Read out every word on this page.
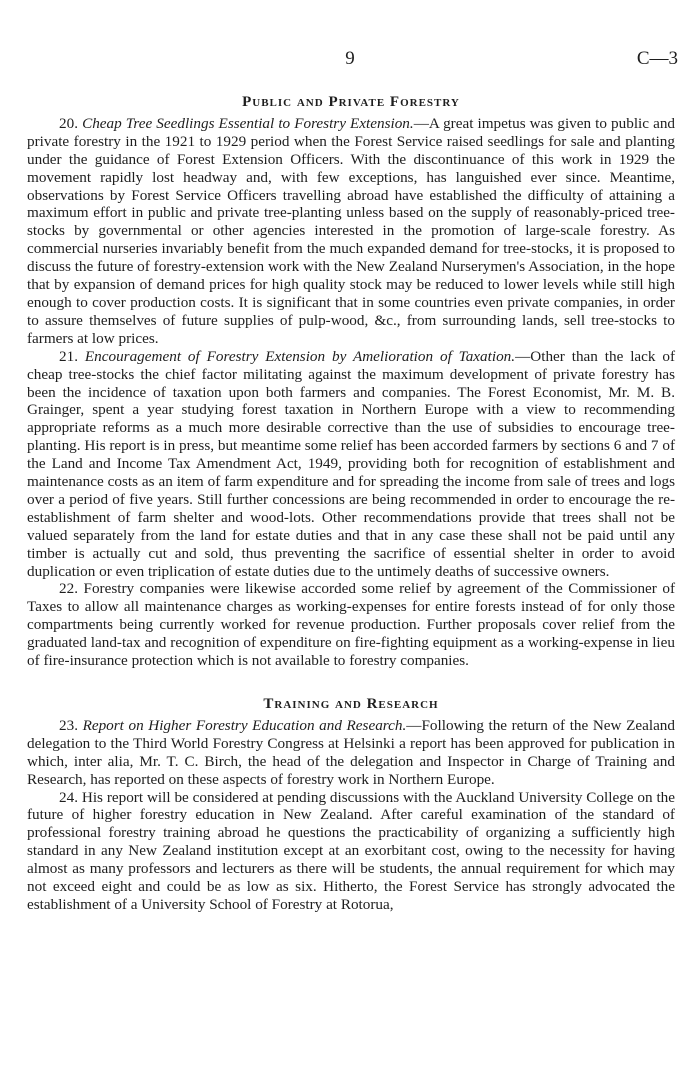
9	C—3
Public and Private Forestry

20. Cheap Tree Seedlings Essential to Forestry Extension.—A great impetus was given to public and private forestry in the 1921 to 1929 period when the Forest Service raised seedlings for sale and planting under the guidance of Forest Extension Officers. With the discontinuance of this work in 1929 the movement rapidly lost headway and, with few exceptions, has languished ever since. Meantime, observations by Forest Service Officers travelling abroad have established the difficulty of attaining a maximum effort in public and private tree-planting unless based on the supply of reasonably-priced tree-stocks by governmental or other agencies interested in the promotion of large-scale forestry. As commercial nurseries invariably benefit from the much expanded demand for tree-stocks, it is proposed to discuss the future of forestry-extension work with the New Zealand Nurserymen's Association, in the hope that by expansion of demand prices for high quality stock may be reduced to lower levels while still high enough to cover production costs. It is significant that in some countries even private companies, in order to assure themselves of future supplies of pulp-wood, &c., from surrounding lands, sell tree-stocks to farmers at low prices.

21. Encouragement of Forestry Extension by Amelioration of Taxation.—Other than the lack of cheap tree-stocks the chief factor militating against the maximum development of private forestry has been the incidence of taxation upon both farmers and companies. The Forest Economist, Mr. M. B. Grainger, spent a year studying forest taxation in Northern Europe with a view to recommending appropriate reforms as a much more desirable corrective than the use of subsidies to encourage tree-planting. His report is in press, but meantime some relief has been accorded farmers by sections 6 and 7 of the Land and Income Tax Amendment Act, 1949, providing both for recognition of establishment and maintenance costs as an item of farm expenditure and for spreading the income from sale of trees and logs over a period of five years. Still further concessions are being recommended in order to encourage the re-establishment of farm shelter and wood-lots. Other recommendations provide that trees shall not be valued separately from the land for estate duties and that in any case these shall not be paid until any timber is actually cut and sold, thus preventing the sacrifice of essential shelter in order to avoid duplication or even triplication of estate duties due to the untimely deaths of successive owners.

22. Forestry companies were likewise accorded some relief by agreement of the Commissioner of Taxes to allow all maintenance charges as working-expenses for entire forests instead of for only those compartments being currently worked for revenue production. Further proposals cover relief from the graduated land-tax and recognition of expenditure on fire-fighting equipment as a working-expense in lieu of fire-insurance protection which is not available to forestry companies.

Training and Research

23. Report on Higher Forestry Education and Research.—Following the return of the New Zealand delegation to the Third World Forestry Congress at Helsinki a report has been approved for publication in which, inter alia, Mr. T. C. Birch, the head of the delegation and Inspector in Charge of Training and Research, has reported on these aspects of forestry work in Northern Europe.

24. His report will be considered at pending discussions with the Auckland University College on the future of higher forestry education in New Zealand. After careful examination of the standard of professional forestry training abroad he questions the practicability of organizing a sufficiently high standard in any New Zealand institution except at an exorbitant cost, owing to the necessity for having almost as many professors and lecturers as there will be students, the annual requirement for which may not exceed eight and could be as low as six. Hitherto, the Forest Service has strongly advocated the establishment of a University School of Forestry at Rotorua,
